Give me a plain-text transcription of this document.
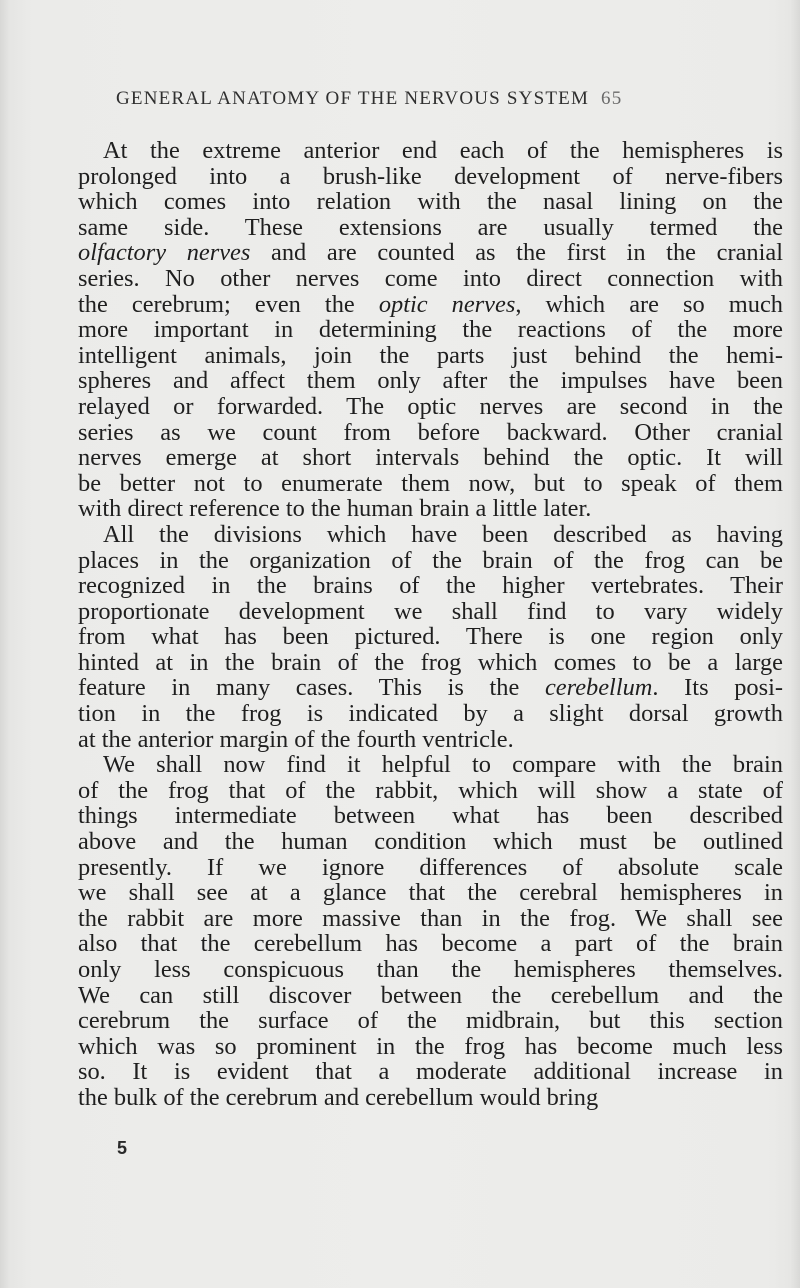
GENERAL ANATOMY OF THE NERVOUS SYSTEM 65
At the extreme anterior end each of the hemispheres is
prolonged into a brush-like development of nerve-fibers
which comes into relation with the nasal lining on the
same side. These extensions are usually termed the
olfactory nerves and are counted as the first in the cranial
series. No other nerves come into direct connection with
the cerebrum; even the optic nerves, which are so much
more important in determining the reactions of the more
intelligent animals, join the parts just behind the hemi-
spheres and affect them only after the impulses have been
relayed or forwarded. The optic nerves are second in the
series as we count from before backward. Other cranial
nerves emerge at short intervals behind the optic. It will
be better not to enumerate them now, but to speak of them
with direct reference to the human brain a little later.
All the divisions which have been described as having
places in the organization of the brain of the frog can be
recognized in the brains of the higher vertebrates. Their
proportionate development we shall find to vary widely
from what has been pictured. There is one region only
hinted at in the brain of the frog which comes to be a large
feature in many cases. This is the cerebellum. Its posi-
tion in the frog is indicated by a slight dorsal growth
at the anterior margin of the fourth ventricle.
We shall now find it helpful to compare with the brain
of the frog that of the rabbit, which will show a state of
things intermediate between what has been described
above and the human condition which must be outlined
presently. If we ignore differences of absolute scale
we shall see at a glance that the cerebral hemispheres in
the rabbit are more massive than in the frog. We shall see
also that the cerebellum has become a part of the brain
only less conspicuous than the hemispheres themselves.
We can still discover between the cerebellum and the
cerebrum the surface of the midbrain, but this section
which was so prominent in the frog has become much less
so. It is evident that a moderate additional increase in
the bulk of the cerebrum and cerebellum would bring
5
